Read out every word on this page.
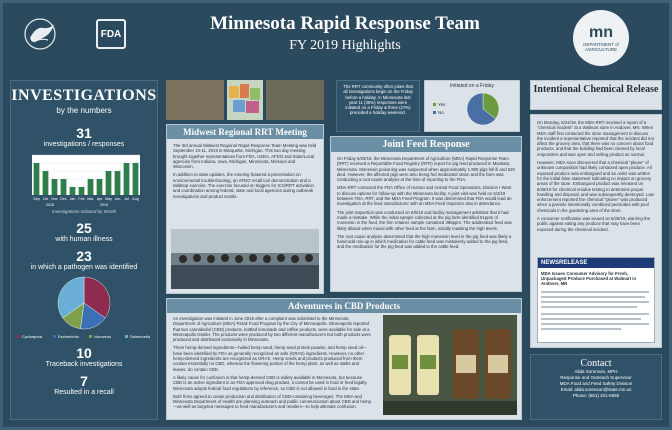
FDA	Minnesota Rapid Response Team
FY 2019 Highlights
mn
DEPARTMENT of AGRICULTURE
INVESTIGATIONS
by the numbers
31
investigations / responses
Sep Oct Nov Dec Jan Feb Mar Apr May Jun Jul Aug
2018	2019
Investigations Initiated by Month
25
with human illness
23
in which a pathogen was identified
Cyclospora	Escherichia	Norovirus	Salmonella
10
Traceback investigations
7
Resulted in a recall
Midwest Regional RRT Meeting

The 3rd annual Midwest Regional Rapid Response Team Meeting was held September 10-11, 2019 in Marquette, Michigan. This two day meeting brought together representatives from FDA, USDA, AFDO and State/Local agencies from Indiana, Iowa, Michigan, Minnesota, Missouri and Wisconsin.

In addition to state updates, the meeting featured a presentation on environmental troubleshooting, an AFDO recall tool demonstration and a tabletop exercise. The exercise focused on triggers for ICS/RRT activation and coordination among federal, state and local agencies during outbreak investigations and product recalls.

The RRT community often jokes that all investigations begin on the Friday before a holiday. In Minnesota last year 11 (35%) responses were initiated on a Friday & three (27%) preceded a holiday weekend.
Initiated on a Friday
Yes
No
Joint Feed Response

On Friday 5/29/19, the Minnesota Department of Agriculture (MDA) Rapid Response Team (RRT) received a Reportable Food Registry (RFR) report for pig feed produced in Mankato, Minnesota. Monensin poisoning was suspected when approximately 1,900 pigs fell ill and 620 died. However, the affected pigs were also being fed medicated ration and the farm was conducting a root cause analysis at the time of reporting to the FDA.

MDA RRT contacted the FDA Office of Human and Animal Food Operations, Division I West to discuss options for follow-up with the Minnesota facility. A joint visit was held on 6/3/19 between FDA, RRT, and the MDA Feed Program. It was determined that FDA would lead an investigation at the feed manufacturer with an MDA Feed Inspector also in attendance.

The joint inspection was conducted on 6/6/19 and facility management admitted that it had made a mistake. While the initial sample collected at the pig farm identified 51ppm of monensin in the feed, the firm retainer sample contained 386ppm. The adulterated feed was likely diluted when mixed with other feed at the farm, initially masking the high levels.

The root cause analysis determined that the high monensin level in the pig feed was likely a hand-add mix-up in which medication for cattle feed was mistakenly added to the pig feed, and the medication for the pig feed was added to the cattle feed.

Adventures in CBD Products

An investigation was initiated in June 2019 after a complaint was submitted to the Minnesota Department of Agriculture (MDA) Retail Food Program by the City of Minneapolis. Minneapolis reported that two cannabidiol (CBD) products, bottled lemonade and coffee products, were available for sale at a Minneapolis retailer. The products were produced by two different manufacturers but both products were produced and distributed exclusively in Minnesota.

Three hemp-derived ingredients—hulled hemp seed, hemp seed protein powder, and hemp seed oil—have been identified by FDA as generally recognized as safe (GRAS) ingredients. However, no other hemp-derived ingredients are recognized as GRAS. Hemp seeds and products produced from them contain essentially no CBD, whereas the flowering portion of the hemp plant, as well as stalks and leaves, do contain CBD.

A likely cause for confusion is that hemp-derived CBD is widely available in Minnesota, but because CBD is an active ingredient in an FDA approved drug product, it cannot be used in food or feed legally. Minnesota adopts federal food regulations by reference, so CBD is not allowed in food in the state.

Both firms agreed to cease production and distribution of CBD-containing beverages. The MDA and Minnesota Department of Health are planning outreach and public communication about CBD and hemp—as well as targeted messages to feed manufacturers and retailers—to help alleviate confusion.

Intentional Chemical Release

On Monday, 6/24/19, the MDA RRT received a report of a "chemical incident" at a Walmart store in Andover, MN. When MDA staff first contacted the store management to discuss the incident a representative reported that the incident did not affect the grocery area, that there was no concern about food products, and that the building had been cleared by local responders and was open and selling product as normal.

However, MDA soon discovered that a chemical "plume" of unknown composition had likely contacted open produce. All exposed produce was embargoed and an order was written for the initial false statement indicating no impact on grocery areas of the store. Embargoed product was released on 6/28/19 for chemical residue testing to determine proper handling and disposal, and was subsequently destroyed. Law enforcement reported the chemical "plume" was produced when a juvenile intentionally combined pesticides with pool chemicals in the gardening area of the store.

A consumer notification was issued on 6/28/19, warning the public against eating any produce that may have been exposed during the chemical incident.

NEWSRELEASE
MDA Issues Consumer Advisory for Fresh, Unpackaged Produce Purchased at Walmart in Andover, MN
Contact
Alida Sorenson, MPH
Response and Outreach Supervisor
MDA Food and Feed Safety Division
Email: alida.sorenson@state.mn.us
Phone: (651) 201-6555
